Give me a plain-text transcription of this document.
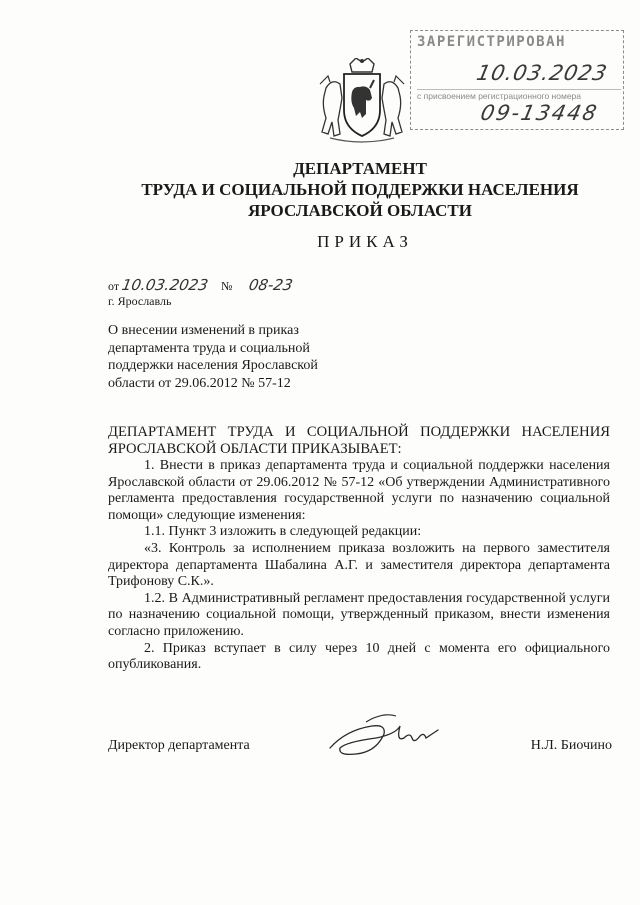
ЗАРЕГИСТРИРОВАН
10.03.2023
с присвоением регистрационного номера
09-13448
ДЕПАРТАМЕНТ
ТРУДА И СОЦИАЛЬНОЙ ПОДДЕРЖКИ НАСЕЛЕНИЯ
ЯРОСЛАВСКОЙ ОБЛАСТИ
ПРИКАЗ
от 10.03.2023 № 08-23
г. Ярославль
О внесении изменений в приказ
департамента труда и социальной
поддержки населения Ярославской
области от 29.06.2012 № 57-12

ДЕПАРТАМЕНТ ТРУДА И СОЦИАЛЬНОЙ ПОДДЕРЖКИ НАСЕЛЕНИЯ ЯРОСЛАВСКОЙ ОБЛАСТИ ПРИКАЗЫВАЕТ:

1. Внести в приказ департамента труда и социальной поддержки населения Ярославской области от 29.06.2012 № 57-12 «Об утверждении Административного регламента предоставления государственной услуги по назначению социальной помощи» следующие изменения:

1.1. Пункт 3 изложить в следующей редакции:

«3. Контроль за исполнением приказа возложить на первого заместителя директора департамента Шабалина А.Г. и заместителя директора департамента Трифонову С.К.».

1.2. В Административный регламент предоставления государственной услуги по назначению социальной помощи, утвержденный приказом, внести изменения согласно приложению.

2. Приказ вступает в силу через 10 дней с момента его официального опубликования.

Директор департамента	Н.Л. Биочино
